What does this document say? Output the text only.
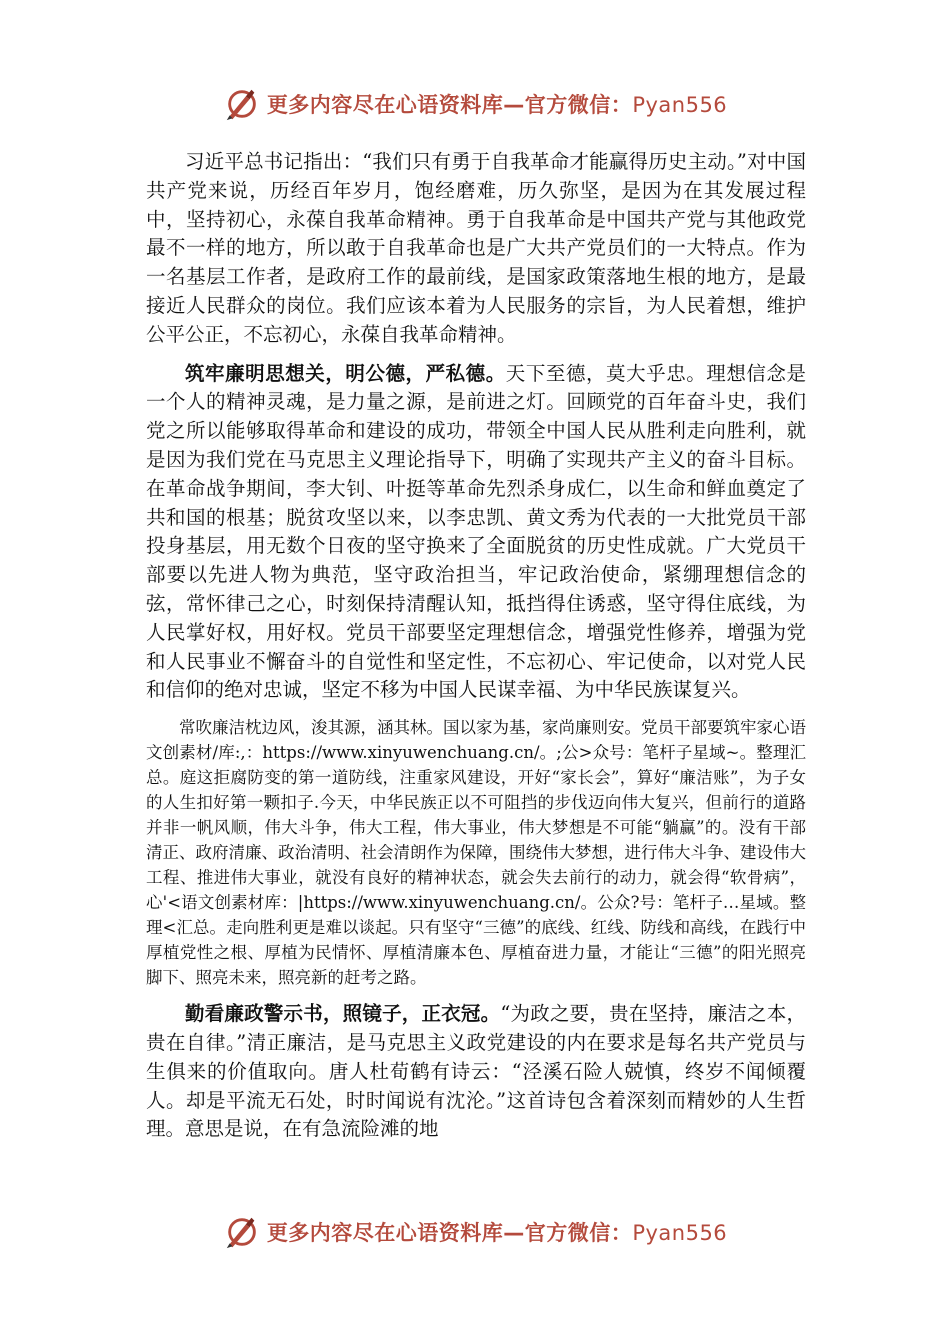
更多内容尽在心语资料库—官方微信：Pyan556

习近平总书记指出：“我们只有勇于自我革命才能赢得历史主动。”对中国共产党来说，历经百年岁月，饱经磨难，历久弥坚，是因为在其发展过程中，坚持初心，永葆自我革命精神。勇于自我革命是中国共产党与其他政党最不一样的地方，所以敢于自我革命也是广大共产党员们的一大特点。作为一名基层工作者，是政府工作的最前线，是国家政策落地生根的地方，是最接近人民群众的岗位。我们应该本着为人民服务的宗旨，为人民着想，维护公平公正，不忘初心，永葆自我革命精神。

筑牢廉明思想关，明公德，严私德。天下至德，莫大乎忠。理想信念是一个人的精神灵魂，是力量之源，是前进之灯。回顾党的百年奋斗史，我们党之所以能够取得革命和建设的成功，带领全中国人民从胜利走向胜利，就是因为我们党在马克思主义理论指导下，明确了实现共产主义的奋斗目标。在革命战争期间，李大钊、叶挺等革命先烈杀身成仁，以生命和鲜血奠定了共和国的根基；脱贫攻坚以来，以李忠凯、黄文秀为代表的一大批党员干部投身基层，用无数个日夜的坚守换来了全面脱贫的历史性成就。广大党员干部要以先进人物为典范，坚守政治担当，牢记政治使命，紧绷理想信念的弦，常怀律己之心，时刻保持清醒认知，抵挡得住诱惑，坚守得住底线，为人民掌好权，用好权。党员干部要坚定理想信念，增强党性修养，增强为党和人民事业不懈奋斗的自觉性和坚定性，不忘初心、牢记使命，以对党人民和信仰的绝对忠诚，坚定不移为中国人民谋幸福、为中华民族谋复兴。

常吹廉洁枕边风，浚其源，涵其林。国以家为基，家尚廉则安。党员干部要筑牢家心语文创素材/库:,：https://www.xinyuwenchuang.cn/。;公>众号：笔杆子星域~。整理汇总。庭这拒腐防变的第一道防线，注重家风建设，开好“家长会”，算好“廉洁账”，为子女的人生扣好第一颗扣子.今天，中华民族正以不可阻挡的步伐迈向伟大复兴，但前行的道路并非一帆风顺，伟大斗争，伟大工程，伟大事业，伟大梦想是不可能“躺赢”的。没有干部清正、政府清廉、政治清明、社会清朗作为保障，围绕伟大梦想，进行伟大斗争、建设伟大工程、推进伟大事业，就没有良好的精神状态，就会失去前行的动力，就会得“软骨病”，心'<语文创素材库：|https://www.xinyuwenchuang.cn/。公众?号：笔杆子…星域。整理<汇总。走向胜利更是难以谈起。只有坚守“三德”的底线、红线、防线和高线，在践行中厚植党性之根、厚植为民情怀、厚植清廉本色、厚植奋进力量，才能让“三德”的阳光照亮脚下、照亮未来，照亮新的赶考之路。

勤看廉政警示书，照镜子，正衣冠。“为政之要，贵在坚持，廉洁之本，贵在自律。”清正廉洁，是马克思主义政党建设的内在要求是每名共产党员与生俱来的价值取向。唐人杜荀鹤有诗云：“泾溪石险人兢慎，终岁不闻倾覆人。却是平流无石处，时时闻说有沈沦。”这首诗包含着深刻而精妙的人生哲理。意思是说，在有急流险滩的地

更多内容尽在心语资料库—官方微信：Pyan556
